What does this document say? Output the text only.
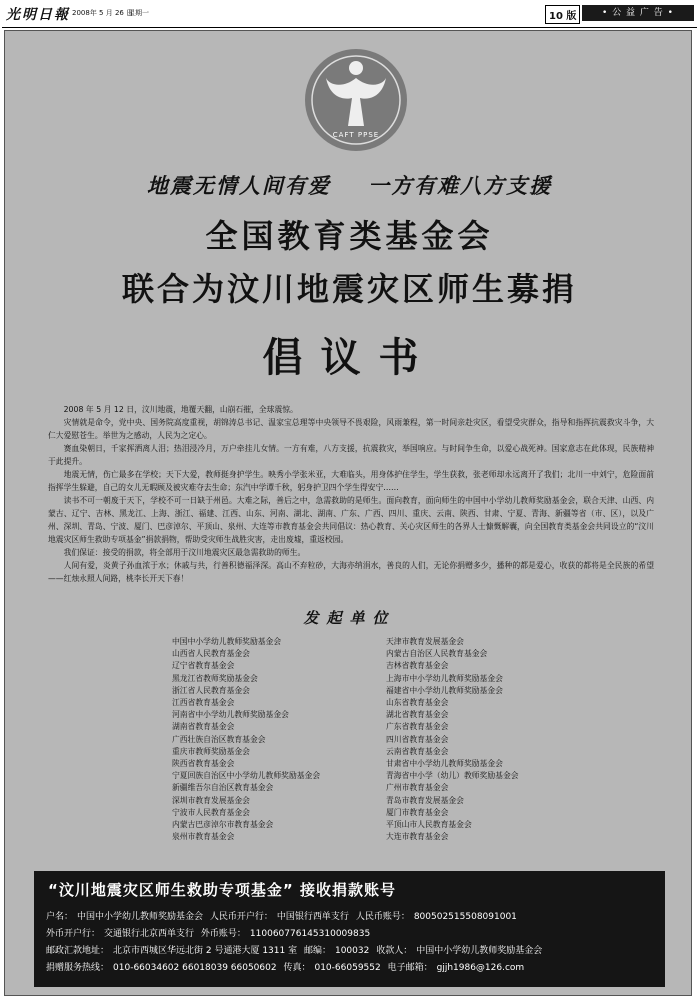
光明日報 2008年 5 月 26 日
星期一	10 版	• 公 益 广 告 •
CAFT PPSE
地震无情人间有爱 一方有难八方支援
全国教育类基金会
联合为汶川地震灾区师生募捐
倡议书

2008 年 5 月 12 日，汶川地震，地覆天翻，山崩石摧，全球震惊。

灾情就是命令，党中央、国务院高度重视，胡锦涛总书记、温家宝总理等中央领导不畏艰险，风雨兼程，第一时间亲赴灾区，看望受灾群众，指导和指挥抗震救灾斗争，大仁大爱慰苍生。举世为之感动，人民为之定心。

赛血染朝日，千家挥洒离人泪；热泪浸冷月，万户牵挂儿女情。一方有难，八方支援，抗震救灾，举国响应。与时间争生命，以爱心战死神。国家意志在此体现，民族精神于此提升。

地震无情，伤亡最多在学校；天下大爱，教师挺身护学生。映秀小学张米亚，大难临头，用身体护住学生，学生获救，张老师却永远离开了我们；北川一中刘宁，危险面前指挥学生躲避，自己的女儿无暇顾及被灾难夺去生命；东汽中学谭千秋，躬身护卫四个学生得安宁……

读书不可一朝废于天下，学校不可一日缺于州邑。大难之际，善后之中，急需救助的是师生。面向教育，面向师生的中国中小学幼儿教师奖励基金会，联合天津、山西、内蒙古、辽宁、吉林、黑龙江、上海、浙江、福建、江西、山东、河南、湖北、湖南、广东、广西、四川、重庆、云南、陕西、甘肃、宁夏、青海、新疆等省（市、区），以及广州、深圳、青岛、宁波、厦门、巴彦淖尔、平顶山、泉州、大连等市教育基金会共同倡议：热心教育、关心灾区师生的各界人士慷慨解囊，向全国教育类基金会共同设立的“汶川地震灾区师生救助专项基金”捐款捐物，帮助受灾师生战胜灾害，走出废墟，重返校园。

我们保证：接受的捐款，将全部用于汶川地震灾区最急需救助的师生。

人间有爱，炎黄子孙血浓于水；休戚与共，行善积德福泽深。高山不弃粒砂，大海亦纳涓水，善良的人们，无论你捐赠多少，播种的都是爱心，收获的都将是全民族的希望——红烛永照人间路，桃李长开天下春！

发起单位
中国中小学幼儿教师奖励基金会
山西省人民教育基金会
辽宁省教育基金会
黑龙江省教师奖励基金会
浙江省人民教育基金会
江西省教育基金会
河南省中小学幼儿教师奖励基金会
湖南省教育基金会
广西壮族自治区教育基金会
重庆市教师奖励基金会
陕西省教育基金会
宁夏回族自治区中小学幼儿教师奖励基金会
新疆维吾尔自治区教育基金会
深圳市教育发展基金会
宁波市人民教育基金会
内蒙古巴彦淖尔市教育基金会
泉州市教育基金会
天津市教育发展基金会
内蒙古自治区人民教育基金会
吉林省教育基金会
上海市中小学幼儿教师奖励基金会
福建省中小学幼儿教师奖励基金会
山东省教育基金会
湖北省教育基金会
广东省教育基金会
四川省教育基金会
云南省教育基金会
甘肃省中小学幼儿教师奖励基金会
青海省中小学（幼儿）教师奖励基金会
广州市教育基金会
青岛市教育发展基金会
厦门市教育基金会
平顶山市人民教育基金会
大连市教育基金会
“汶川地震灾区师生救助专项基金” 接收捐款账号
户名： 中国中小学幼儿教师奖励基金会 人民币开户行： 中国银行西单支行 人民币账号： 800502515508091001
外币开户行： 交通银行北京西单支行 外币账号： 110060776145310009835
邮政汇款地址： 北京市西城区华远北街 2 号通港大厦 1311 室 邮编： 100032 收款人： 中国中小学幼儿教师奖励基金会
捐赠服务热线： 010-66034602 66018039 66050602 传真： 010-66059552 电子邮箱： gjjh1986@126.com
